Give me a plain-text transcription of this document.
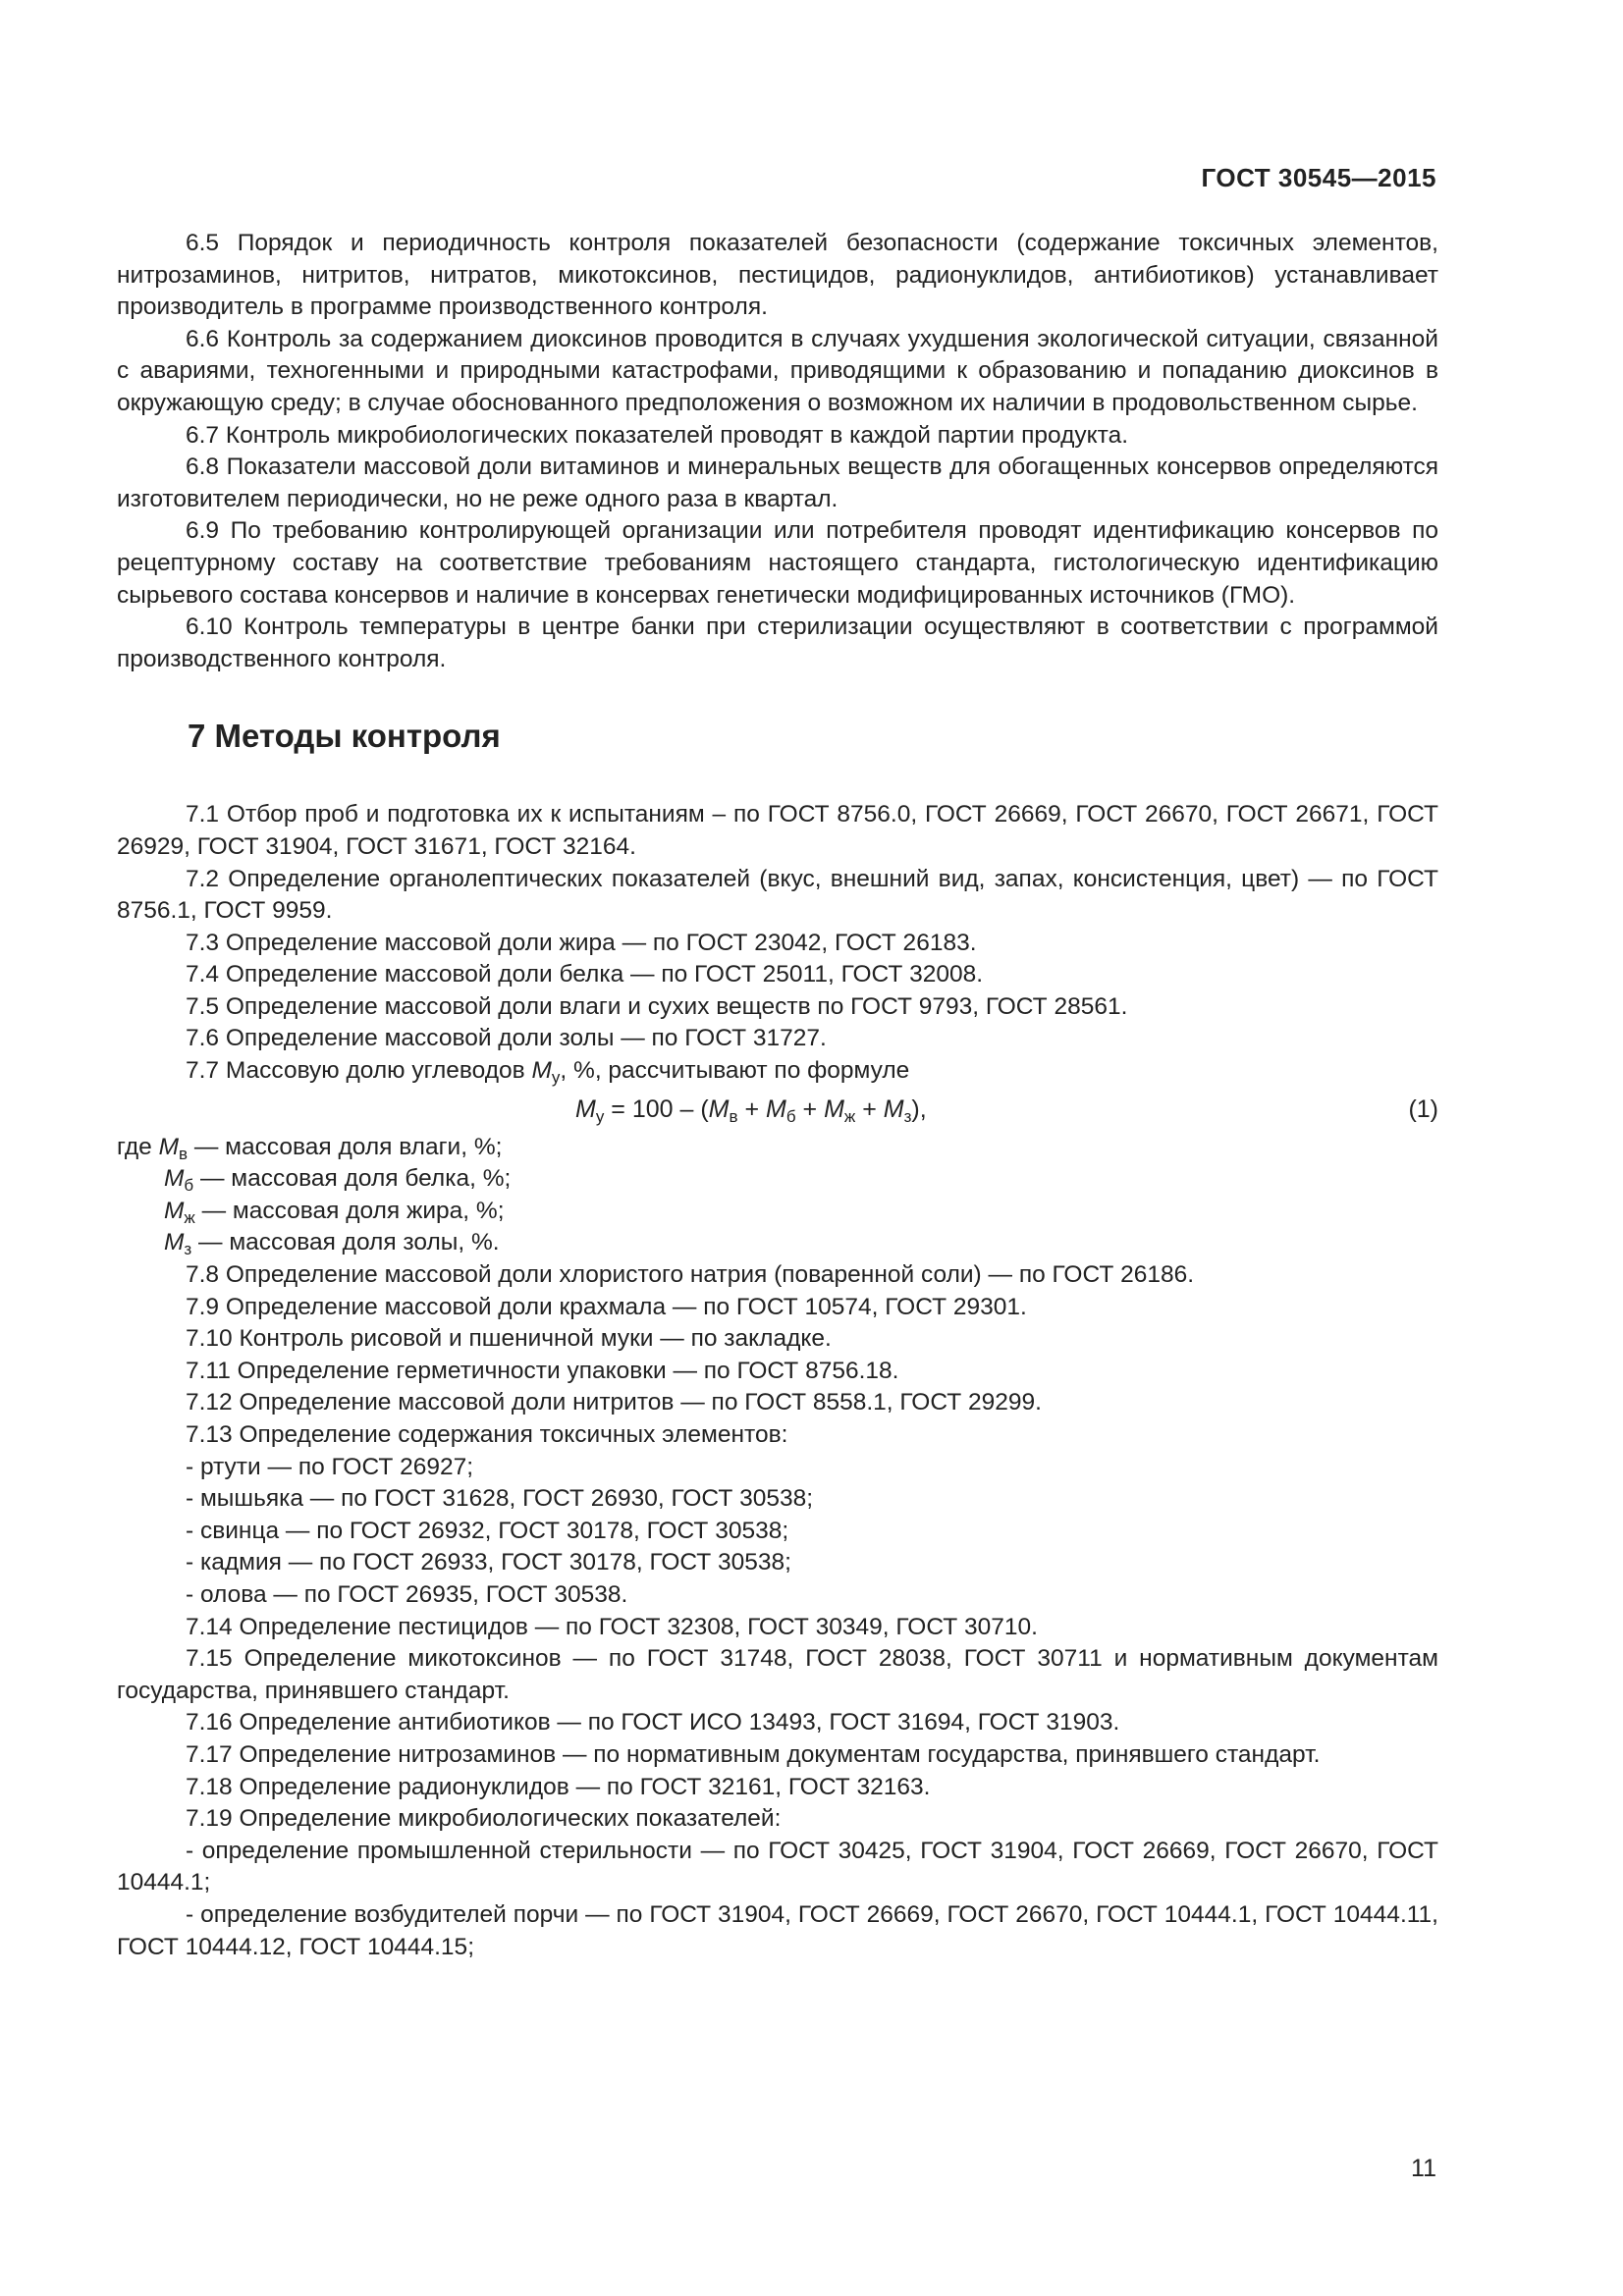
ГОСТ 30545—2015

6.5 Порядок и периодичность контроля показателей безопасности (содержание токсичных элементов, нитрозаминов, нитритов, нитратов, микотоксинов, пестицидов, радионуклидов, антибиотиков) устанавливает производитель в программе производственного контроля.

6.6 Контроль за содержанием диоксинов проводится в случаях ухудшения экологической ситуации, связанной с авариями, техногенными и природными катастрофами, приводящими к образованию и попаданию диоксинов в окружающую среду; в случае обоснованного предположения о возможном их наличии в продовольственном сырье.

6.7 Контроль микробиологических показателей проводят в каждой партии продукта.

6.8 Показатели массовой доли витаминов и минеральных веществ для обогащенных консервов определяются изготовителем периодически, но не реже одного раза в квартал.

6.9 По требованию контролирующей организации или потребителя проводят идентификацию консервов по рецептурному составу на соответствие требованиям настоящего стандарта, гистологическую идентификацию сырьевого состава консервов и наличие в консервах генетически модифицированных источников (ГМО).

6.10 Контроль температуры в центре банки при стерилизации осуществляют в соответствии с программой производственного контроля.

7 Методы контроля

7.1 Отбор проб и подготовка их к испытаниям – по ГОСТ 8756.0, ГОСТ 26669, ГОСТ 26670, ГОСТ 26671, ГОСТ 26929, ГОСТ 31904, ГОСТ 31671, ГОСТ 32164.

7.2 Определение органолептических показателей (вкус, внешний вид, запах, консистенция, цвет) — по ГОСТ 8756.1, ГОСТ 9959.

7.3 Определение массовой доли жира — по ГОСТ 23042, ГОСТ 26183.

7.4 Определение массовой доли белка — по ГОСТ 25011, ГОСТ 32008.

7.5 Определение массовой доли влаги и сухих веществ по ГОСТ 9793, ГОСТ 28561.

7.6 Определение массовой доли золы — по ГОСТ 31727.

7.7 Массовую долю углеводов $М_у$, %, рассчитывают по формуле

$М_у = 100 - (М_в + М_б + М_ж + М_з)$,	(1)

где $М_в$ — массовая доля влаги, %;

$М_б$ — массовая доля белка, %;

$М_ж$ — массовая доля жира, %;

$М_з$ — массовая доля золы, %.

7.8 Определение массовой доли хлористого натрия (поваренной соли) — по ГОСТ 26186.

7.9 Определение массовой доли крахмала — по ГОСТ 10574, ГОСТ 29301.

7.10 Контроль рисовой и пшеничной муки — по закладке.

7.11 Определение герметичности упаковки — по ГОСТ 8756.18.

7.12 Определение массовой доли нитритов — по ГОСТ 8558.1, ГОСТ 29299.

7.13 Определение содержания токсичных элементов:

- ртути — по ГОСТ 26927;

- мышьяка — по ГОСТ 31628, ГОСТ 26930, ГОСТ 30538;

- свинца — по ГОСТ 26932, ГОСТ 30178, ГОСТ 30538;

- кадмия — по ГОСТ 26933, ГОСТ 30178, ГОСТ 30538;

- олова — по ГОСТ 26935, ГОСТ 30538.

7.14 Определение пестицидов — по ГОСТ 32308, ГОСТ 30349, ГОСТ 30710.

7.15 Определение микотоксинов — по ГОСТ 31748, ГОСТ 28038, ГОСТ 30711 и нормативным документам государства, принявшего стандарт.

7.16 Определение антибиотиков — по ГОСТ ИСО 13493, ГОСТ 31694, ГОСТ 31903.

7.17 Определение нитрозаминов — по нормативным документам государства, принявшего стандарт.

7.18 Определение радионуклидов — по ГОСТ 32161, ГОСТ 32163.

7.19 Определение микробиологических показателей:

- определение промышленной стерильности — по ГОСТ 30425, ГОСТ 31904, ГОСТ 26669, ГОСТ 26670, ГОСТ 10444.1;

- определение возбудителей порчи — по ГОСТ 31904, ГОСТ 26669, ГОСТ 26670, ГОСТ 10444.1, ГОСТ 10444.11, ГОСТ 10444.12, ГОСТ 10444.15;

11
